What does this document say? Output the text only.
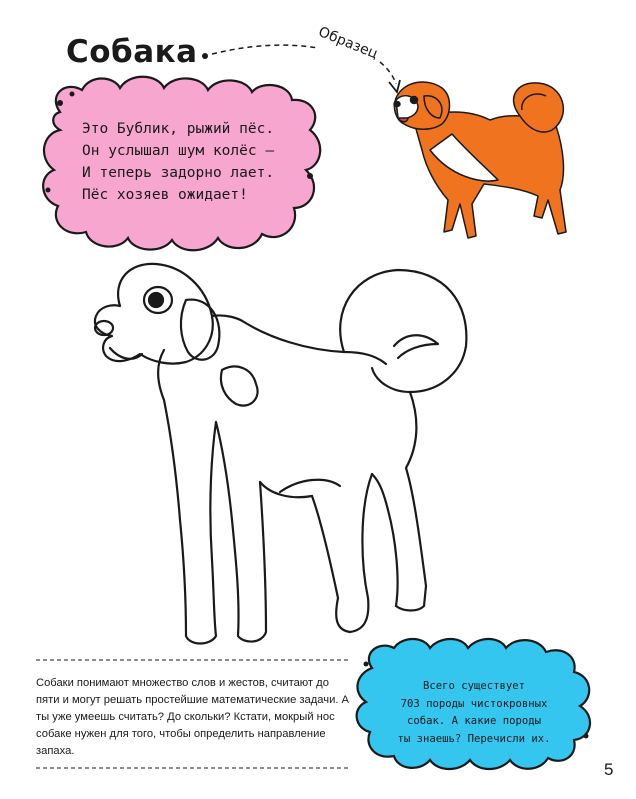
Собака	Образец
Это Бублик, рыжий пёс.
Он услышал шум колёс –
И теперь задорно лает.
Пёс хозяев ожидает!
Собаки понимают множество слов и жестов, считают до пяти и могут решать простейшие математические задачи. А ты уже умеешь считать? До скольки? Кстати, мокрый нос собаке нужен для того, чтобы определить направление запаха.
Всего существует
703 породы чистокровных
собак. А какие породы
ты знаешь? Перечисли их.
5
